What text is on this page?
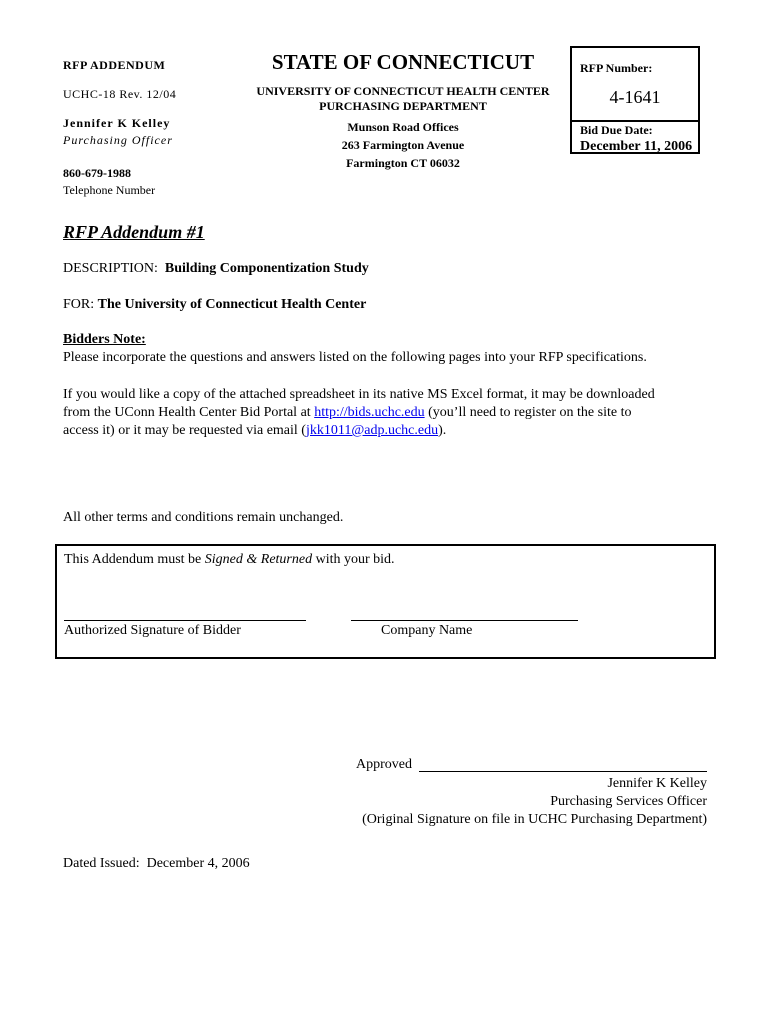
RFP ADDENDUM
UCHC-18 Rev. 12/04
Jennifer K Kelley
Purchasing Officer
860-679-1988
Telephone Number
STATE OF CONNECTICUT
UNIVERSITY OF CONNECTICUT HEALTH CENTER
PURCHASING DEPARTMENT
Munson Road Offices
263 Farmington Avenue
Farmington CT 06032
RFP Number:
4-1641
Bid Due Date:
December 11, 2006
RFP Addendum #1
DESCRIPTION: Building Componentization Study
FOR: The University of Connecticut Health Center
Bidders Note:
Please incorporate the questions and answers listed on the following pages into your RFP specifications.
If you would like a copy of the attached spreadsheet in its native MS Excel format, it may be downloaded
from the UConn Health Center Bid Portal at http://bids.uchc.edu (you’ll need to register on the site to
access it) or it may be requested via email (jkk1011@adp.uchc.edu).
All other terms and conditions remain unchanged.
This Addendum must be Signed & Returned with your bid.
Authorized Signature of Bidder	Company Name
Approved
Jennifer K Kelley
Purchasing Services Officer
(Original Signature on file in UCHC Purchasing Department)
Dated Issued:  December 4, 2006
